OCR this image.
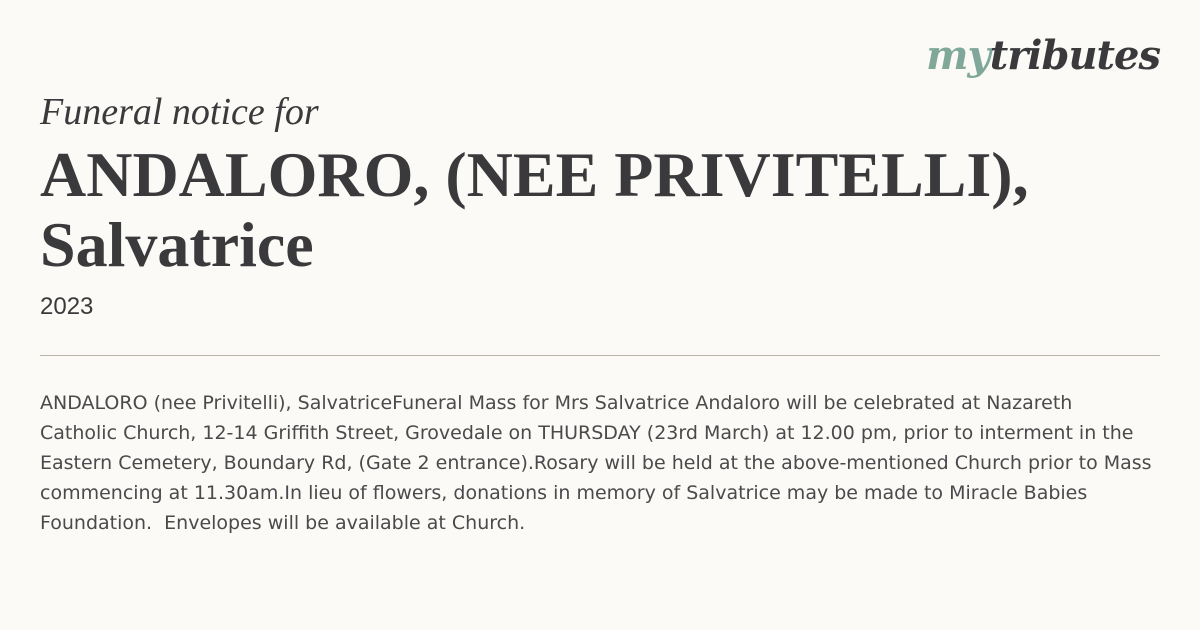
mytributes
Funeral notice for
ANDALORO, (NEE PRIVITELLI), Salvatrice
2023

ANDALORO (nee Privitelli), SalvatriceFuneral Mass for Mrs Salvatrice Andaloro will be celebrated at Nazareth Catholic Church, 12-14 Griffith Street, Grovedale on THURSDAY (23rd March) at 12.00 pm, prior to interment in the Eastern Cemetery, Boundary Rd, (Gate 2 entrance).Rosary will be held at the above-mentioned Church prior to Mass commencing at 11.30am.In lieu of flowers, donations in memory of Salvatrice may be made to Miracle Babies Foundation.  Envelopes will be available at Church.
